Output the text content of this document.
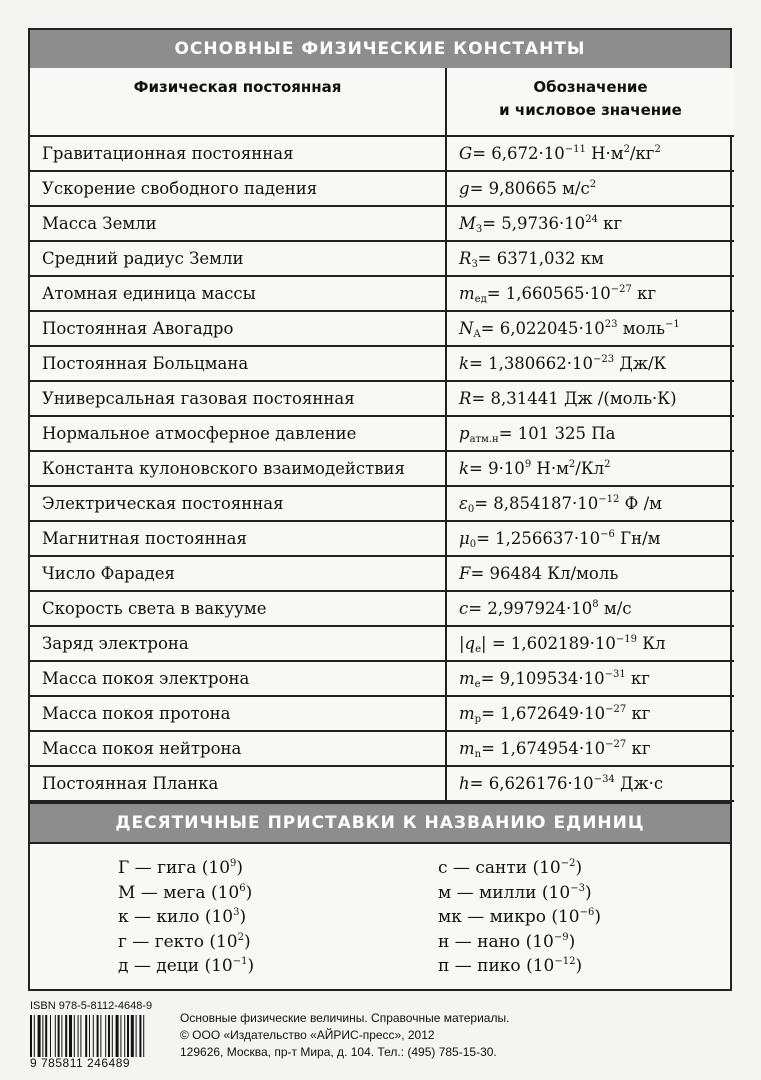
ОСНОВНЫЕ ФИЗИЧЕСКИЕ КОНСТАНТЫ
Физическая постоянная	Обозначение
и числовое значение

Гравитационная постоянная	$G= 6,672\cdot 10^{-11}$ $Н\cdot м^2/кг^2$
Ускорение свободного падения	g= 9,80665 $м/с^2$
Масса Земли	$M_З= 5,9736\cdot 10^{24}$ кг
Средний радиус Земли	$R_З= 6371,032$ км
Атомная единица массы	$m_{ед}= 1,660565\cdot 10^{-27}$ кг
Постоянная Авогадро	$N_A= 6,022045\cdot 10^{23}$ моль$^{-1}$
Постоянная Больцмана	$k= 1,380662\cdot 10^{-23}$ Дж/К
Универсальная газовая постоянная	R= 8,31441 Дж /(моль·К)
Нормальное атмосферное давление	$p_{атм.н}= 101$ 325 Па
Константа кулоновского взаимодействия	$k= 9\cdot 10^9$ $Н\cdot м^2/Кл^2$
Электрическая постоянная	$\varepsilon_0= 8,854187\cdot 10^{-12}$ Ф /м
Магнитная постоянная	$\mu_0= 1,256637\cdot 10^{-6}$ Гн/м
Число Фарадея	F= 96484 Кл/моль
Скорость света в вакууме	$c= 2,997924\cdot 10^8$ м/с
Заряд электрона	$|q_e| = 1,602189\cdot 10^{-19}$ Кл
Масса покоя электрона	$m_e= 9,109534\cdot 10^{-31}$ кг
Масса покоя протона	$m_p= 1,672649\cdot 10^{-27}$ кг
Масса покоя нейтрона	$m_n= 1,674954\cdot 10^{-27}$ кг
Постоянная Планка	$h= 6,626176\cdot 10^{-34}$ Дж·с
ДЕСЯТИЧНЫЕ ПРИСТАВКИ К НАЗВАНИЮ ЕДИНИЦ
Г — гига $(10^9)$
М — мега $(10^6)$
к — кило $(10^3)$
г — гекто $(10^2)$
д — деци $(10^{-1})$
с — санти $(10^{-2})$
м — милли $(10^{-3})$
мк — микро $(10^{-6})$
н — нано $(10^{-9})$
п — пико $(10^{-12})$
ISBN 978-5-8112-4648-9
9 785811 246489
Основные физические величины. Справочные материалы.
© ООО «Издательство «АЙРИС-пресс», 2012
129626, Москва, пр-т Мира, д. 104. Тел.: (495) 785-15-30.
